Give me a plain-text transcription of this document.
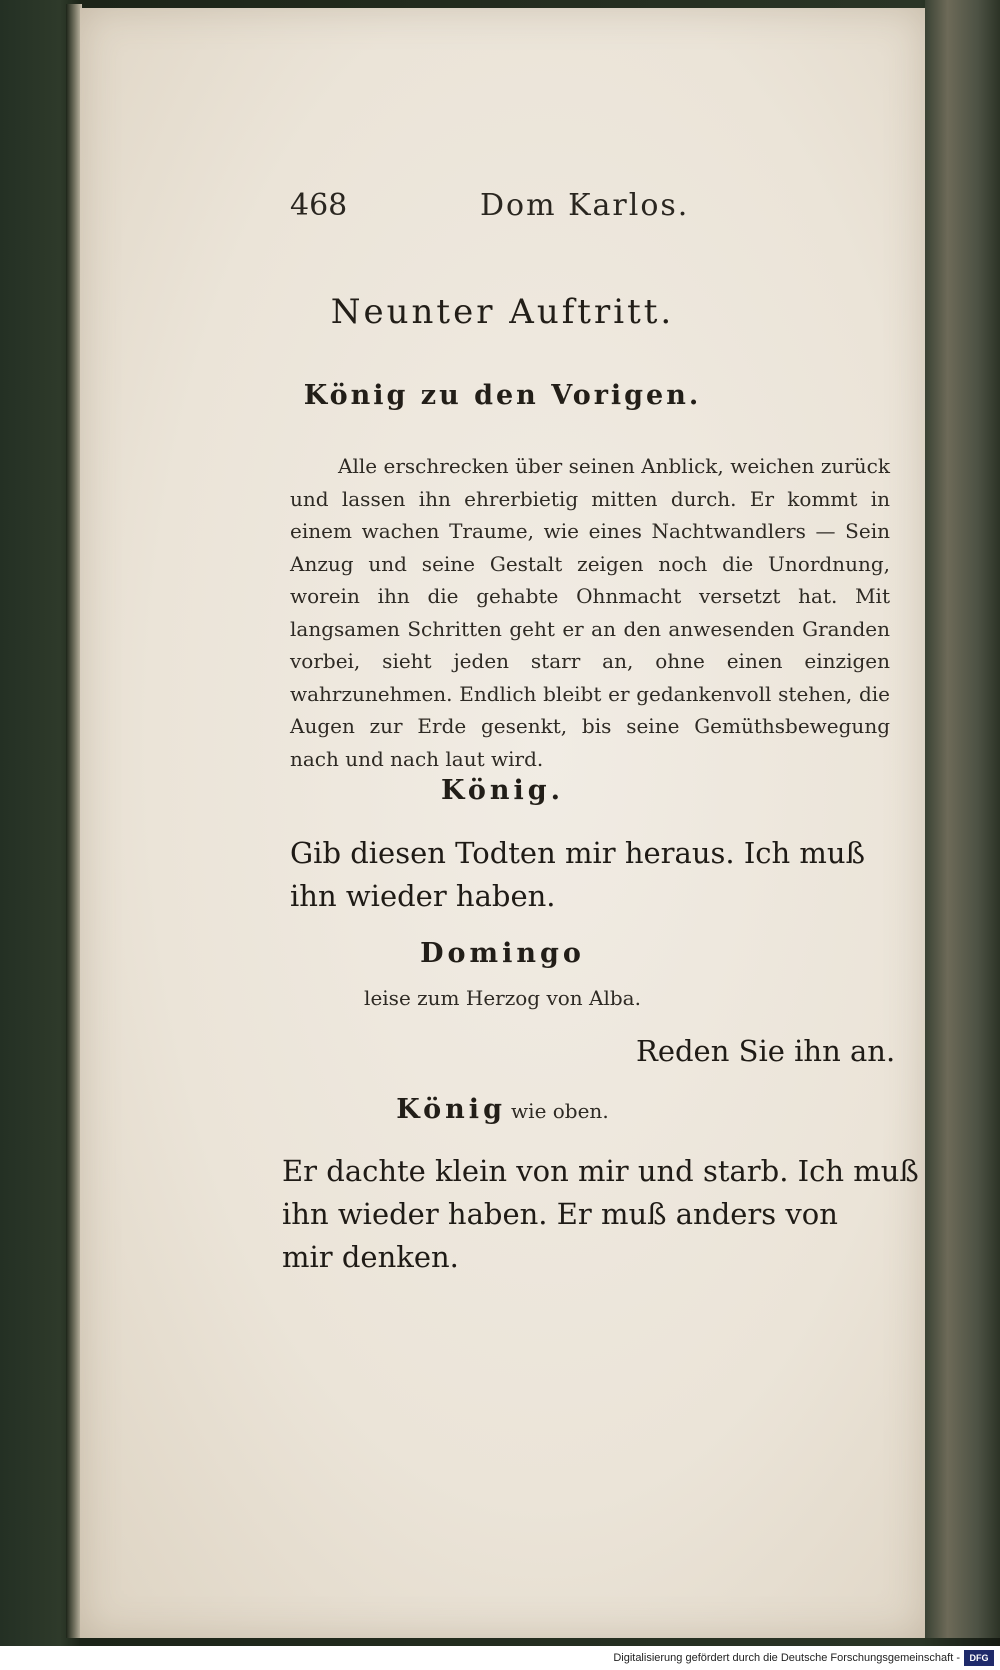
468	Dom Karlos.
Neunter Auftritt.
König zu den Vorigen.
Alle erschrecken über seinen Anblick, weichen zurück und lassen ihn ehrerbietig mitten durch. Er kommt in einem wachen Traume, wie eines Nachtwandlers — Sein Anzug und seine Gestalt zeigen noch die Unordnung, worein ihn die gehabte Ohnmacht versetzt hat. Mit langsamen Schritten geht er an den anwesenden Granden vorbei, sieht jeden starr an, ohne einen einzigen wahrzunehmen. Endlich bleibt er gedankenvoll stehen, die Augen zur Erde gesenkt, bis seine Gemüthsbewegung nach und nach laut wird.
König.
Gib diesen Todten mir heraus. Ich muß
ihn wieder haben.
Domingo
leise zum Herzog von Alba.
Reden Sie ihn an.
König wie oben.
Er dachte klein von mir und starb. Ich muß
ihn wieder haben. Er muß anders von
mir denken.
Digitalisierung gefördert durch die Deutsche Forschungsgemeinschaft -	DFG
